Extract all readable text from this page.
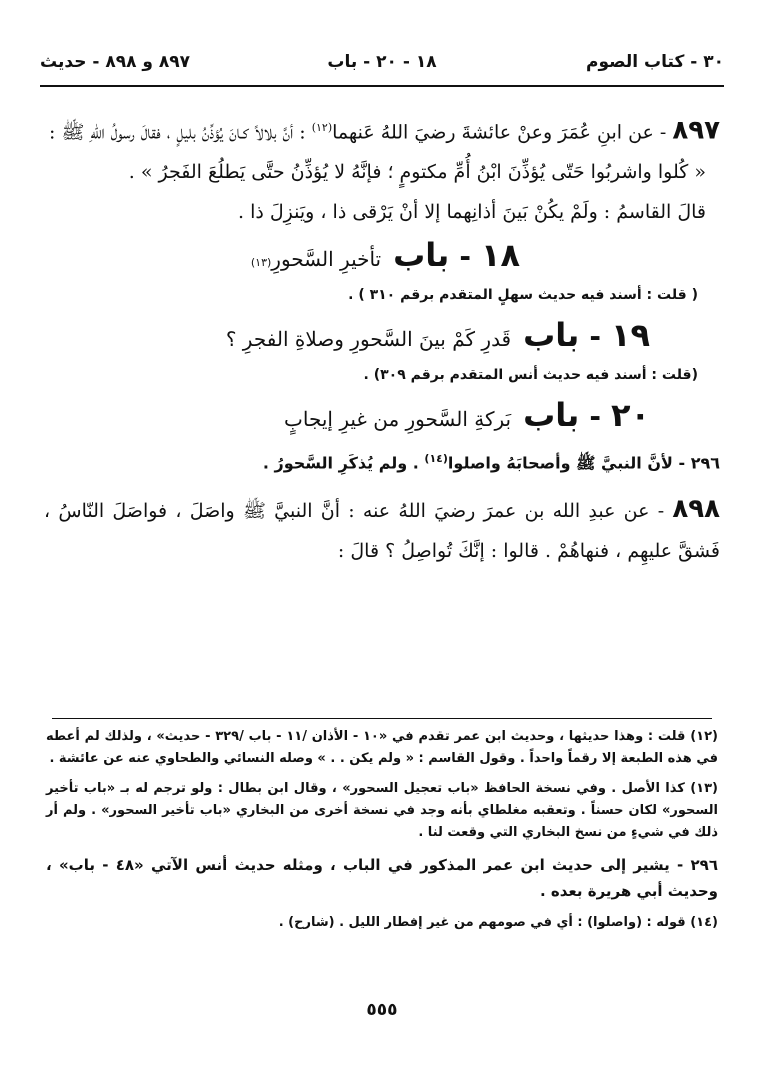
٣٠ - كتاب الصوم
١٨ - ٢٠ - باب
٨٩٧ و ٨٩٨ - حديث

٨٩٧ - عن ابنِ عُمَرَ وعنْ عائشةَ رضيَ اللهُ عَنهما$^{(١٢)}$ : أنَّ بلالاً كـانَ يُؤذِّنُ بليلٍ ، فقالَ رسولُ اللهِ ﷺ :

« كُلوا واشربُوا حَتّى يُؤذِّنَ ابْنُ أُمِّ مكتومٍ ؛ فإنَّهُ لا يُؤذِّنُ حتَّى يَطلُعَ الفَجرُ » .

قالَ القاسمُ : ولَمْ يكُنْ بَينَ أذانِهما إلا أنْ يَرْقى ذا ، ويَنزِلَ ذا .

١٨
-
باب
تأخيرِ السَّحورِ
(١٣)

( قلت : أسند فيه حديث سهلٍ المتقدم برقم ٣١٠ ) .

١٩
-
باب
قَدرِ كَمْ بينَ السَّحورِ وصلاةِ الفجرِ ؟

(قلت : أسند فيه حديث أنس المتقدم برقم ٣٠٩) .

٢٠
-
باب
بَركةِ السَّحورِ من غيرِ إيجابٍ

٢٩٦ - لأنَّ النبيَّ ﷺ وأصحابَهُ واصلوا$^{(١٤)}$ . ولم يُذكَرِ السَّحورُ .

٨٩٨ - عن عبدِ الله بن عمرَ رضيَ اللهُ عنه : أنَّ النبيَّ ﷺ واصَلَ ، فواصَلَ النّاسُ ، فَشقَّ عليهِم ، فنهاهُمْ . قالوا : إنَّكَ تُواصِلُ ؟ قالَ :

(١٢) قلت : وهذا حديثها ، وحديث ابن عمر تقدم في «١٠ - الأذان /١١ - باب /٣٢٩ - حديث» ، ولذلك لم أعطه في هذه الطبعة إلا رقماً واحداً . وقول القاسم : « ولم يكن . . » وصله النسائي والطحاوي عنه عن عائشة .

(١٣) كذا الأصل . وفي نسخة الحافظ «باب تعجيل السحور» ، وقال ابن بطال : ولو ترجم له بـ «باب تأخير السحور» لكان حسناً . وتعقبه مغلطاي بأنه وجد في نسخة أخرى من البخاري «باب تأخير السحور» . ولم أر ذلك في شيءٍ من نسخ البخاري التي وقعت لنا .

٢٩٦ - يشير إلى حديث ابن عمر المذكور في الباب ، ومثله حديث أنس الآتي «٤٨ - باب» ، وحديث أبي هريرة بعده .

(١٤) قوله : (واصلوا) : أي في صومهم من غير إفطار الليل . (شارح) .

٥٥٥
